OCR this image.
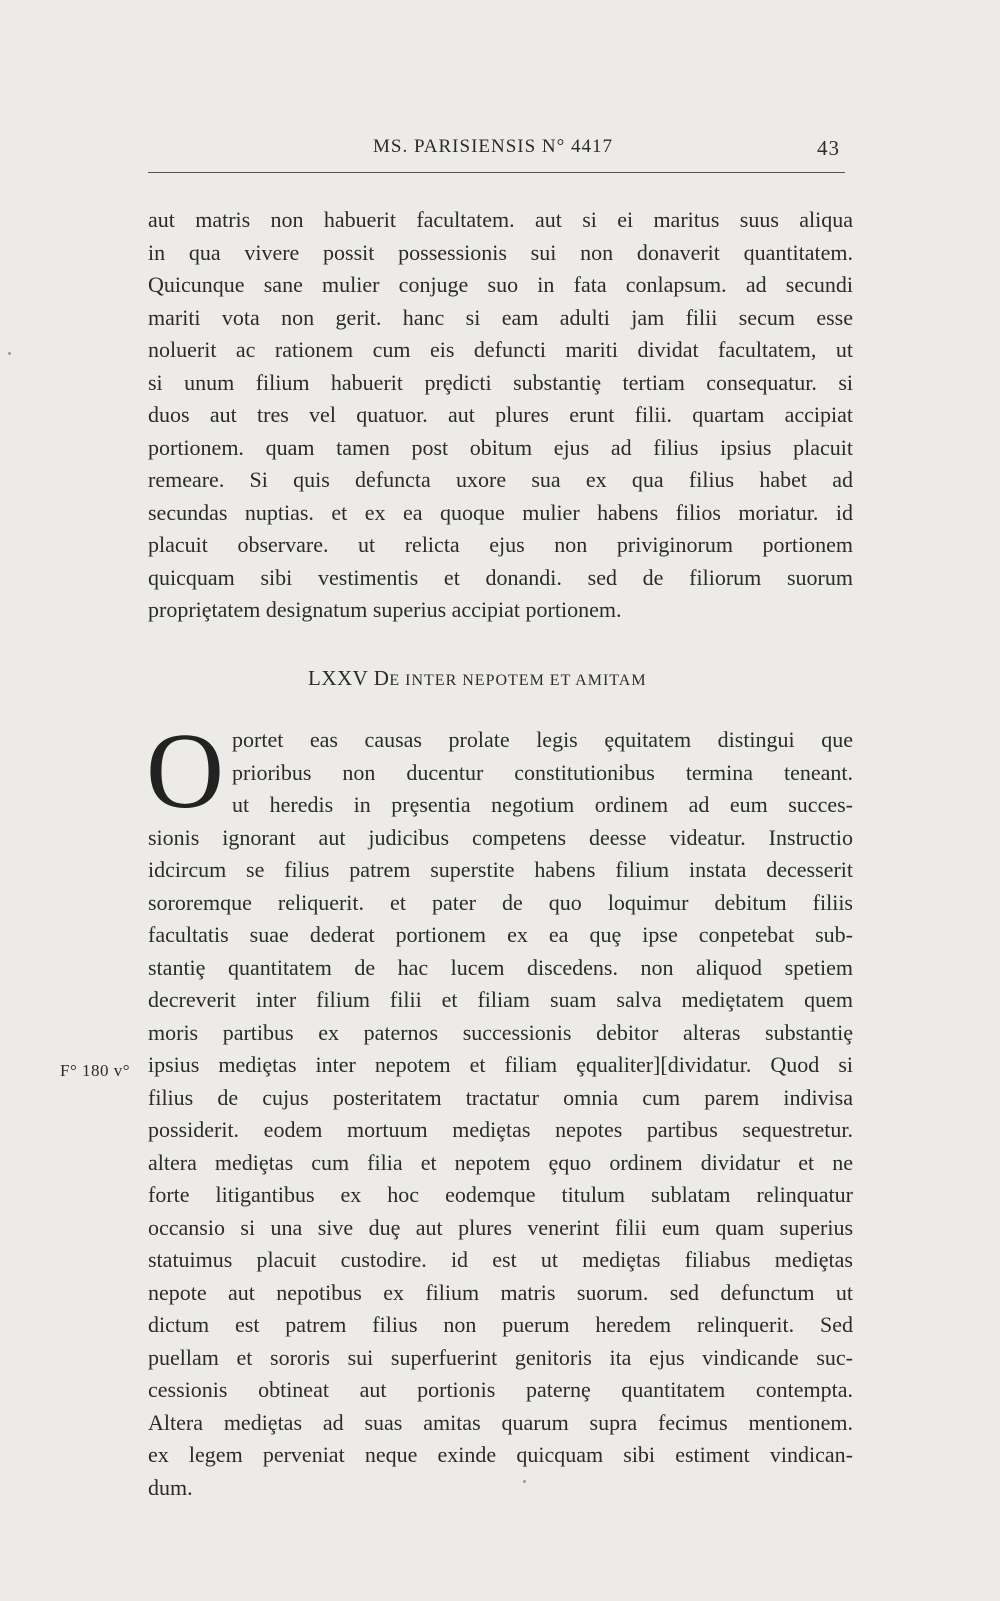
MS. PARISIENSIS N° 4417	43
aut matris non habuerit facultatem. aut si ei maritus suus aliqua
in qua vivere possit possessionis sui non donaverit quantitatem.
Quicunque sane mulier conjuge suo in fata conlapsum. ad secundi
mariti vota non gerit. hanc si eam adulti jam filii secum esse
noluerit ac rationem cum eis defuncti mariti dividat facultatem, ut
si unum filium habuerit prȩdicti substantiȩ tertiam consequatur. si
duos aut tres vel quatuor. aut plures erunt filii. quartam accipiat
portionem. quam tamen post obitum ejus ad filius ipsius placuit
remeare. Si quis defuncta uxore sua ex qua filius habet ad
secundas nuptias. et ex ea quoque mulier habens filios moriatur. id
placuit observare. ut relicta ejus non priviginorum portionem
quicquam sibi vestimentis et donandi. sed de filiorum suorum
propriȩtatem designatum superius accipiat portionem.
LXXV DE INTER NEPOTEM ET AMITAM
O portet eas causas prolate legis ȩquitatem distingui que
prioribus non ducentur constitutionibus termina teneant.
ut heredis in prȩsentia negotium ordinem ad eum succes-
sionis ignorant aut judicibus competens deesse videatur. Instructio
idcircum se filius patrem superstite habens filium instata decesserit
sororemque reliquerit. et pater de quo loquimur debitum filiis
facultatis suae dederat portionem ex ea quȩ ipse conpetebat sub-
stantiȩ quantitatem de hac lucem discedens. non aliquod spetiem
decreverit inter filium filii et filiam suam salva mediȩtatem quem
moris partibus ex paternos successionis debitor alteras substantiȩ
ipsius mediȩtas inter nepotem et filiam ȩqualiter][dividatur. Quod si
filius de cujus posteritatem tractatur omnia cum parem indivisa
possiderit. eodem mortuum mediȩtas nepotes partibus sequestretur.
altera mediȩtas cum filia et nepotem ȩquo ordinem dividatur et ne
forte litigantibus ex hoc eodemque titulum sublatam relinquatur
occansio si una sive duȩ aut plures venerint filii eum quam superius
statuimus placuit custodire. id est ut mediȩtas filiabus mediȩtas
nepote aut nepotibus ex filium matris suorum. sed defunctum ut
dictum est patrem filius non puerum heredem relinquerit. Sed
puellam et sororis sui superfuerint genitoris ita ejus vindicande suc-
cessionis obtineat aut portionis paternȩ quantitatem contempta.
Altera mediȩtas ad suas amitas quarum supra fecimus mentionem.
ex legem perveniat neque exinde quicquam sibi estiment vindican-
dum.
F° 180 v°
